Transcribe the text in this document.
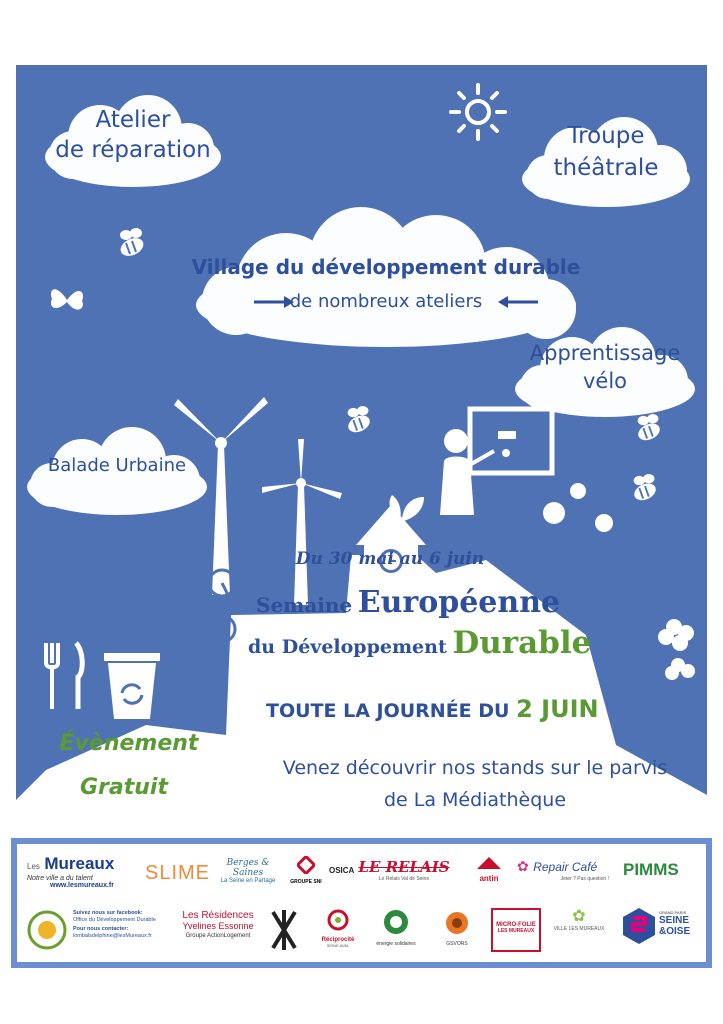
Atelier
de réparation
Troupe
théâtrale
Village du développement durable
de nombreux ateliers
Apprentissage
vélo
Balade Urbaine
Du 30 mai au 6 juin
Semaine Européenne
du Développement Durable
TOUTE LA JOURNÉE DU 2 JUIN
Évènement
Gratuit
Venez découvrir nos stands sur le parvis
de La Médiathèque
Les Mureaux
Notre ville a du talent
www.lesmureaux.fr
SLIME	Berges & Saines
La Seine en Partage	GROUPE SNI
OSICA LE RELAIS
Le Relais Val de Seine	antin
✿ Repair Café
Jeter ? Pas question ! PIMMS
Suivez nous sur facebook:
Office du Développement Durable
Pour nous contacter:
lombalsdelphine@lesMureaux.fr
Les Résidences
Yvelines Essonne
Groupe ActionLogement
Réciprocité
SEINE AVAL	énergie solidaires	GSVORS
MICRO-FOLIE
LES MUREAUX
✿
VILLE LES MUREAUX
GRAND PARIS
SEINE
&OISE
